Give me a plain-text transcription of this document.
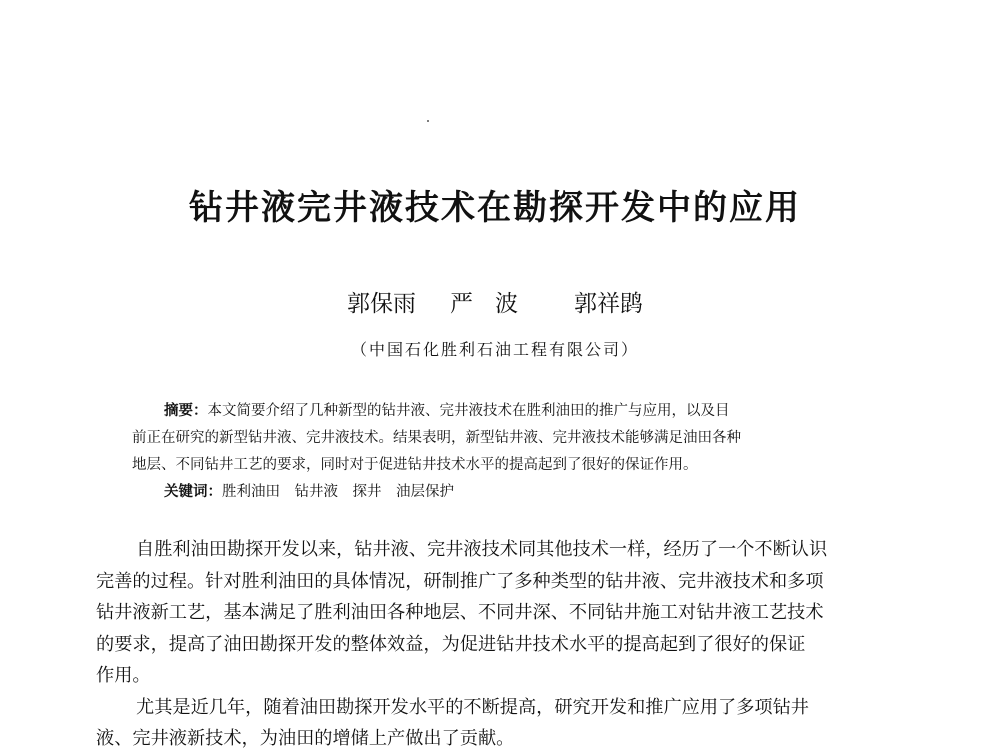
钻井液完井液技术在勘探开发中的应用
郭保雨 严波 郭祥鹍
（中国石化胜利石油工程有限公司）
摘要：本文简要介绍了几种新型的钻井液、完井液技术在胜利油田的推广与应用，以及目
前正在研究的新型钻井液、完井液技术。结果表明，新型钻井液、完井液技术能够满足油田各种
地层、不同钻井工艺的要求，同时对于促进钻井技术水平的提高起到了很好的保证作用。
关键词：胜利油田　钻井液　探井　油层保护
自胜利油田勘探开发以来，钻井液、完井液技术同其他技术一样，经历了一个不断认识
完善的过程。针对胜利油田的具体情况，研制推广了多种类型的钻井液、完井液技术和多项
钻井液新工艺，基本满足了胜利油田各种地层、不同井深、不同钻井施工对钻井液工艺技术
的要求，提高了油田勘探开发的整体效益，为促进钻井技术水平的提高起到了很好的保证
作用。
尤其是近几年，随着油田勘探开发水平的不断提高，研究开发和推广应用了多项钻井
液、完井液新技术，为油田的增储上产做出了贡献。
